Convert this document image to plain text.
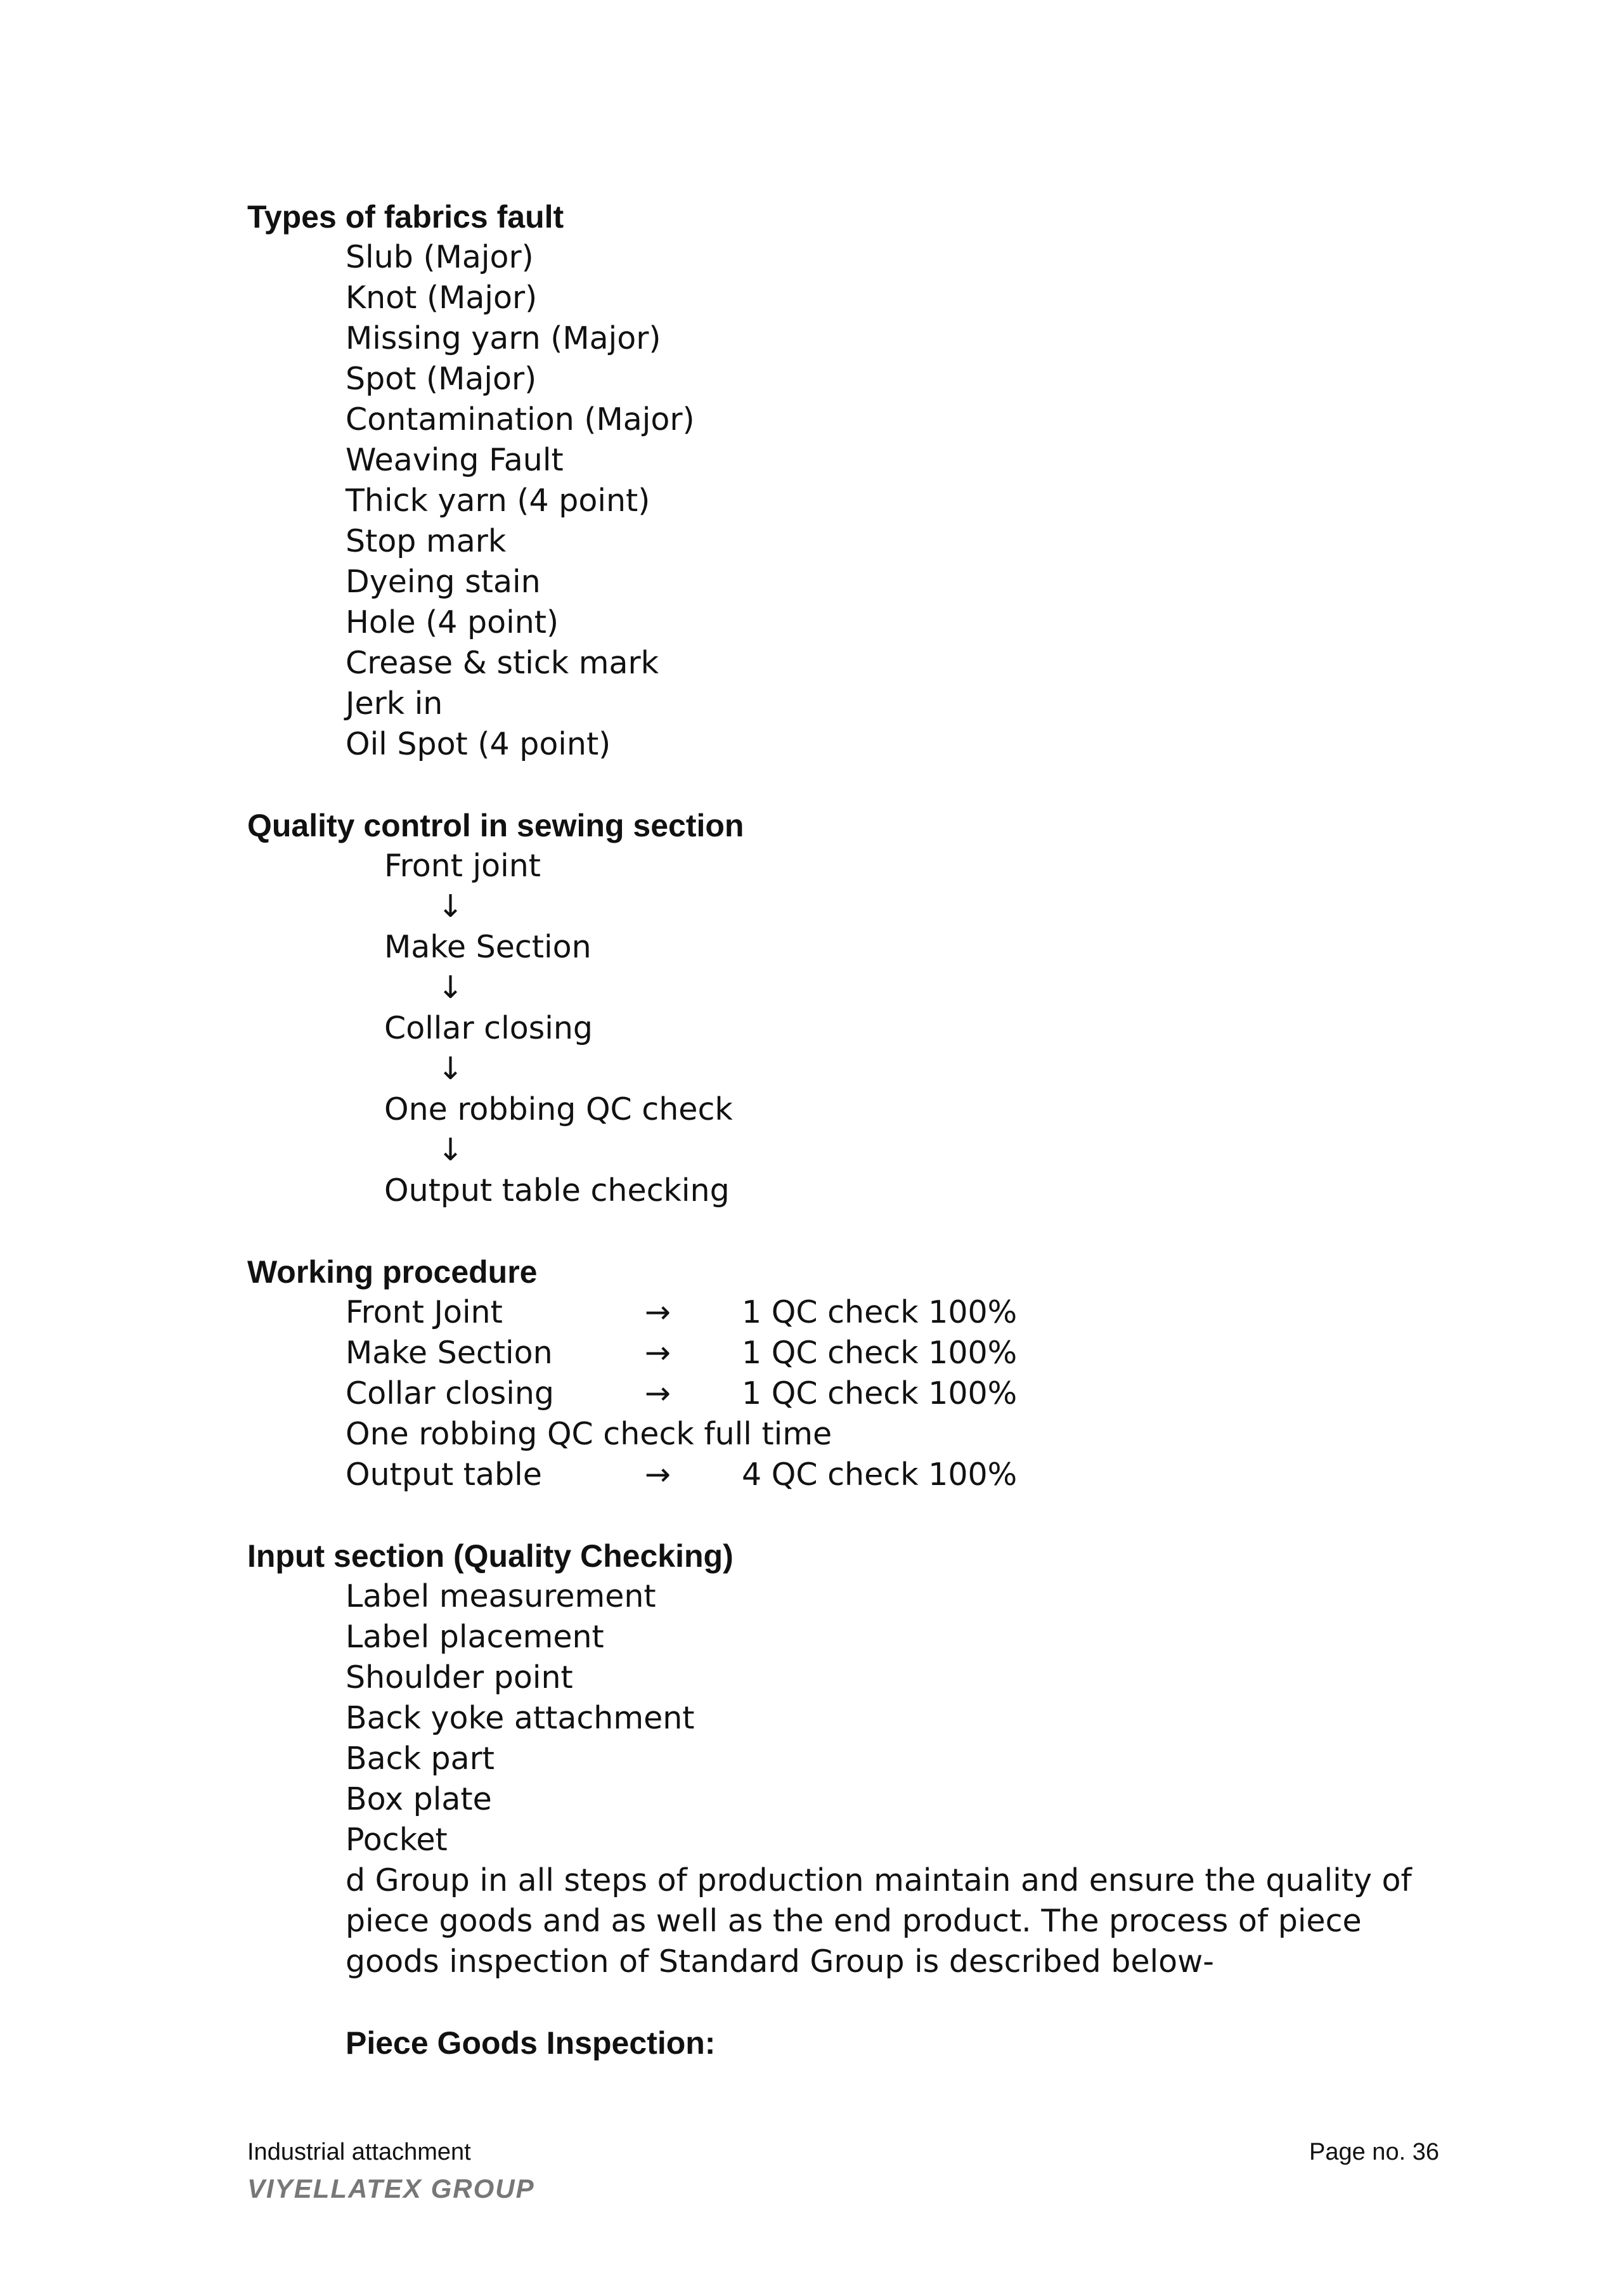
Types of fabrics fault
Slub (Major)
Knot (Major)
Missing yarn (Major)
Spot (Major)
Contamination (Major)
Weaving Fault
Thick yarn (4 point)
Stop mark
Dyeing stain
Hole (4 point)
Crease & stick mark
Jerk in
Oil Spot (4 point)
Quality control in sewing section
Front joint
↓
Make Section
↓
Collar closing
↓
One robbing QC check
↓
Output table checking
Working procedure
Front Joint	→ 1 QC check 100%
Make Section	→ 1 QC check 100%
Collar closing	→ 1 QC check 100%
One robbing QC check full time
Output table	→ 4 QC check 100%
Input section (Quality Checking)
Label measurement
Label placement
Shoulder point
Back yoke attachment
Back part
Box plate
Pocket
d Group in all steps of production maintain and ensure the quality of piece goods and as well as the end product. The process of piece goods inspection of Standard Group is described below-
Piece Goods Inspection:
Industrial attachment	Page no. 36
VIYELLATEX GROUP
